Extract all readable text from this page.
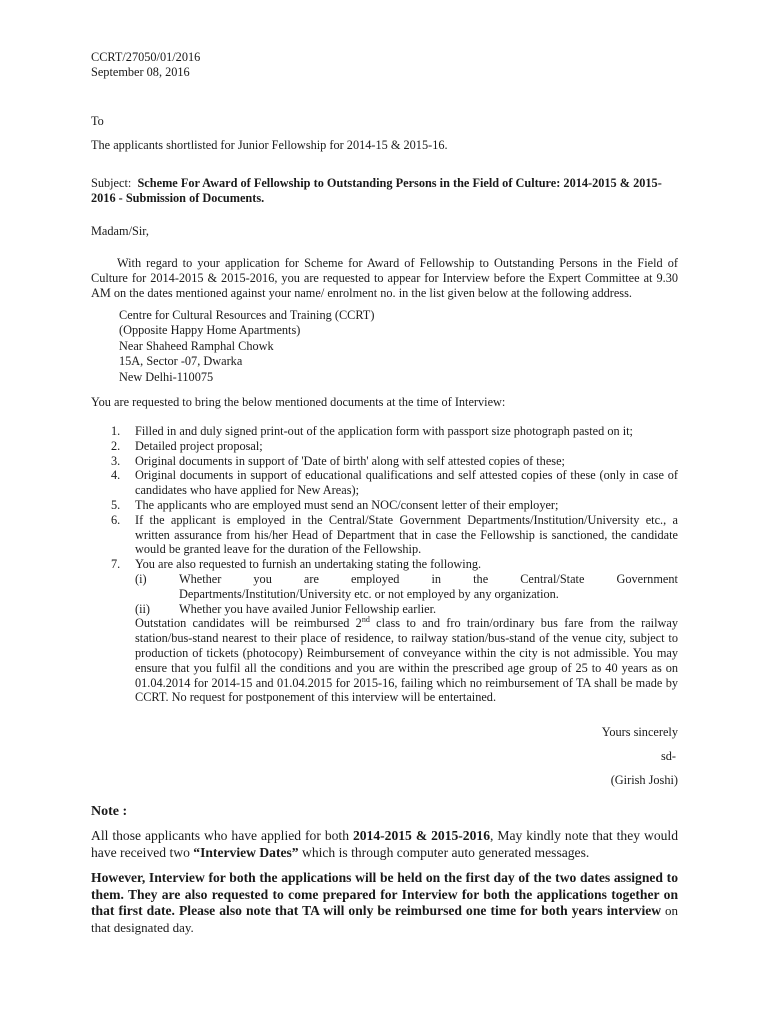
CCRT/27050/01/2016
September 08, 2016
To
The applicants shortlisted for Junior Fellowship for 2014-15 & 2015-16.
Subject: Scheme For Award of Fellowship to Outstanding Persons in the Field of Culture: 2014-2015 & 2015-2016 - Submission of Documents.
Madam/Sir,
With regard to your application for Scheme for Award of Fellowship to Outstanding Persons in the Field of Culture for 2014-2015 & 2015-2016, you are requested to appear for Interview before the Expert Committee at 9.30 AM on the dates mentioned against your name/ enrolment no. in the list given below at the following address.
Centre for Cultural Resources and Training (CCRT)
(Opposite Happy Home Apartments)
Near Shaheed Ramphal Chowk
15A, Sector -07, Dwarka
New Delhi-110075
You are requested to bring the below mentioned documents at the time of Interview:
1.	Filled in and duly signed print-out of the application form with passport size photograph pasted on it;
2.	Detailed project proposal;
3.	Original documents in support of 'Date of birth' along with self attested copies of these;
4.	Original documents in support of educational qualifications and self attested copies of these (only in case of candidates who have applied for New Areas);
5.	The applicants who are employed must send an NOC/consent letter of their employer;
6.	If the applicant is employed in the Central/State Government Departments/Institution/University etc., a written assurance from his/her Head of Department that in case the Fellowship is sanctioned, the candidate would be granted leave for the duration of the Fellowship.
7.	You are also requested to furnish an undertaking stating the following.
(i)	Whether	you	are	employed	in	the	Central/State	Government
Departments/Institution/University etc. or not employed by any organization.
(ii) Whether you have availed Junior Fellowship earlier.
Outstation candidates will be reimbursed 2nd class to and fro train/ordinary bus fare from the railway station/bus-stand nearest to their place of residence, to railway station/bus-stand of the venue city, subject to production of tickets (photocopy) Reimbursement of conveyance within the city is not admissible. You may ensure that you fulfil all the conditions and you are within the prescribed age group of 25 to 40 years as on 01.04.2014 for 2014-15 and 01.04.2015 for 2015-16, failing which no reimbursement of TA shall be made by CCRT. No request for postponement of this interview will be entertained.
Yours sincerely
sd-
(Girish Joshi)
Note :
All those applicants who have applied for both 2014-2015 & 2015-2016, May kindly note that they would have received two “Interview Dates” which is through computer auto generated messages.
However, Interview for both the applications will be held on the first day of the two dates assigned to them. They are also requested to come prepared for Interview for both the applications together on that first date. Please also note that TA will only be reimbursed one time for both years interview on that designated day.
